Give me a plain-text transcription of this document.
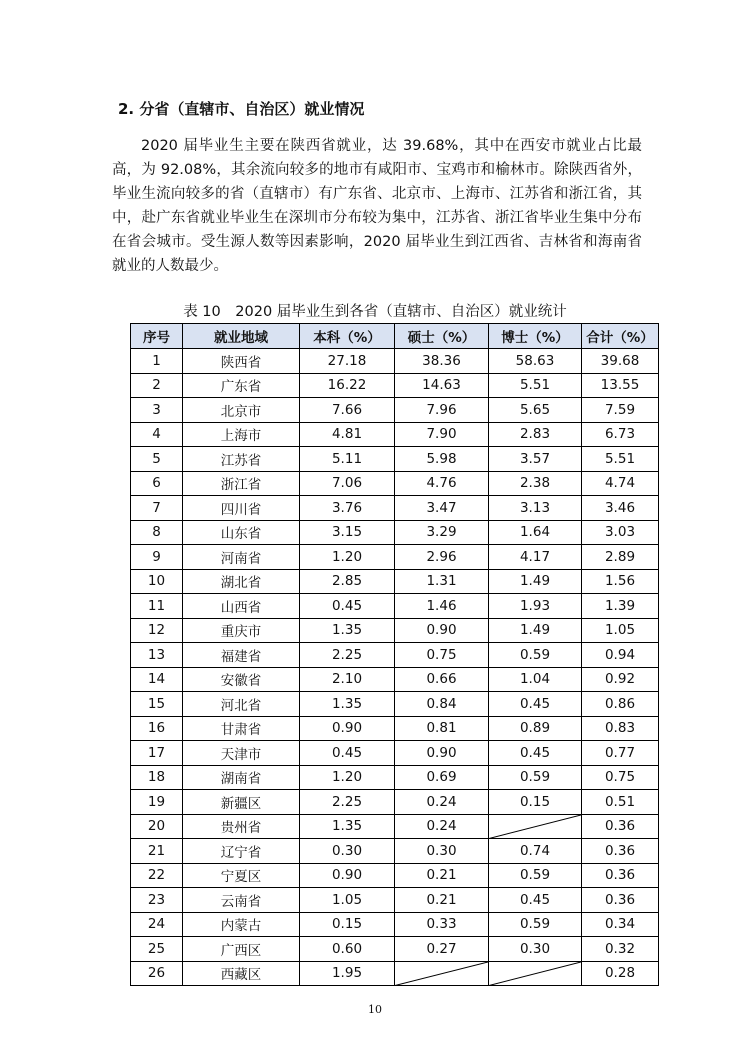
2. 分省（直辖市、自治区）就业情况

2020 届毕业生主要在陕西省就业，达 39.68%，其中在西安市就业占比最高，为 92.08%，其余流向较多的地市有咸阳市、宝鸡市和榆林市。除陕西省外，毕业生流向较多的省（直辖市）有广东省、北京市、上海市、江苏省和浙江省，其中，赴广东省就业毕业生在深圳市分布较为集中，江苏省、浙江省毕业生集中分布在省会城市。受生源人数等因素影响，2020 届毕业生到江西省、吉林省和海南省就业的人数最少。

表 10　2020 届毕业生到各省（直辖市、自治区）就业统计
序号	就业地域	本科（%）	硕士（%）	博士（%）	合计（%）
1	陕西省	27.18	38.36	58.63	39.68
2	广东省	16.22	14.63	5.51	13.55
3	北京市	7.66	7.96	5.65	7.59
4	上海市	4.81	7.90	2.83	6.73
5	江苏省	5.11	5.98	3.57	5.51
6	浙江省	7.06	4.76	2.38	4.74
7	四川省	3.76	3.47	3.13	3.46
8	山东省	3.15	3.29	1.64	3.03
9	河南省	1.20	2.96	4.17	2.89
10	湖北省	2.85	1.31	1.49	1.56
11	山西省	0.45	1.46	1.93	1.39
12	重庆市	1.35	0.90	1.49	1.05
13	福建省	2.25	0.75	0.59	0.94
14	安徽省	2.10	0.66	1.04	0.92
15	河北省	1.35	0.84	0.45	0.86
16	甘肃省	0.90	0.81	0.89	0.83
17	天津市	0.45	0.90	0.45	0.77
18	湖南省	1.20	0.69	0.59	0.75
19	新疆区	2.25	0.24	0.15	0.51
20	贵州省	1.35	0.24		0.36
21	辽宁省	0.30	0.30	0.74	0.36
22	宁夏区	0.90	0.21	0.59	0.36
23	云南省	1.05	0.21	0.45	0.36
24	内蒙古	0.15	0.33	0.59	0.34
25	广西区	0.60	0.27	0.30	0.32
26	西藏区	1.95			0.28
10
